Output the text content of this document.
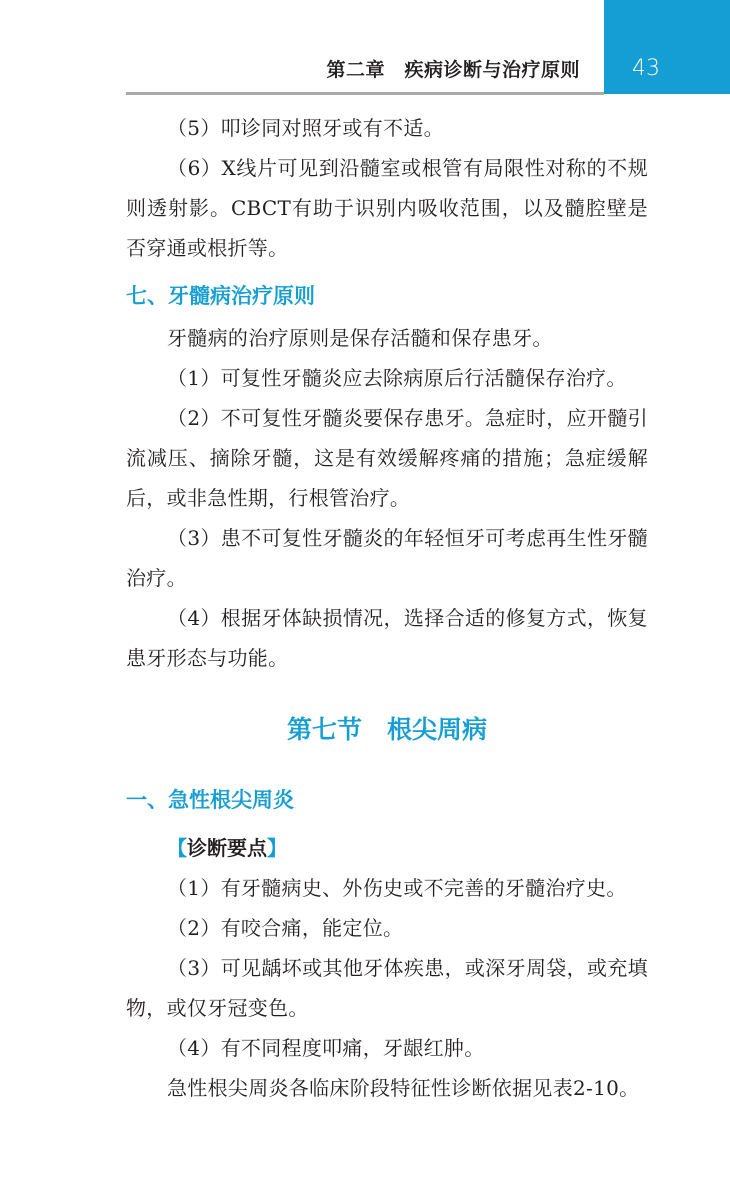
第二章　疾病诊断与治疗原则 43

（5）叩诊同对照牙或有不适。

（6）X线片可见到沿髓室或根管有局限性对称的不规则透射影。CBCT有助于识别内吸收范围，以及髓腔壁是否穿通或根折等。

七、牙髓病治疗原则

牙髓病的治疗原则是保存活髓和保存患牙。

（1）可复性牙髓炎应去除病原后行活髓保存治疗。

（2）不可复性牙髓炎要保存患牙。急症时，应开髓引流减压、摘除牙髓，这是有效缓解疼痛的措施；急症缓解后，或非急性期，行根管治疗。

（3）患不可复性牙髓炎的年轻恒牙可考虑再生性牙髓治疗。

（4）根据牙体缺损情况，选择合适的修复方式，恢复患牙形态与功能。

第七节　根尖周病
一、急性根尖周炎
【诊断要点】

（1）有牙髓病史、外伤史或不完善的牙髓治疗史。

（2）有咬合痛，能定位。

（3）可见龋坏或其他牙体疾患，或深牙周袋，或充填物，或仅牙冠变色。

（4）有不同程度叩痛，牙龈红肿。

急性根尖周炎各临床阶段特征性诊断依据见表2-10。
